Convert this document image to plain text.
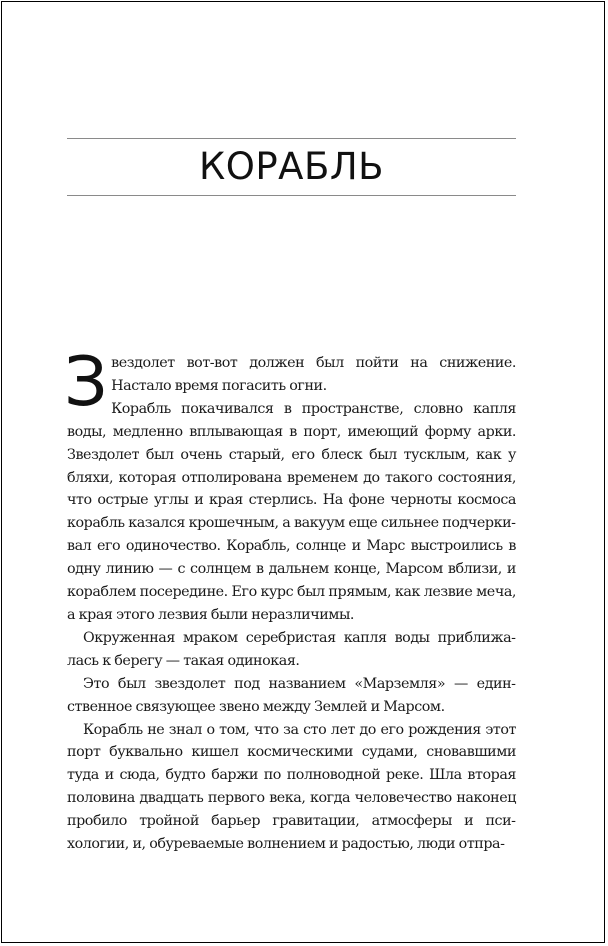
КОРАБЛЬ

Звездолет вот-вот должен был пойти на снижение. Настало время погасить огни.

Корабль покачивался в пространстве, словно капля воды, медленно вплывающая в порт, имеющий форму арки. Звездолет был очень старый, его блеск был тусклым, как у бляхи, которая отполирована временем до такого состояния, что острые углы и края стерлись. На фоне черноты космоса корабль казался крошечным, а вакуум еще сильнее подчеркивал его одиночество. Корабль, солнце и Марс выстроились в одну линию — с солнцем в дальнем конце, Марсом вблизи, и кораблем посередине. Его курс был прямым, как лезвие меча, а края этого лезвия были неразличимы.

Окруженная мраком серебристая капля воды приближалась к берегу — такая одинокая.

Это был звездолет под названием «Марземля» — единственное связующее звено между Землей и Марсом.

Корабль не знал о том, что за сто лет до его рождения этот порт буквально кишел космическими судами, сновавшими туда и сюда, будто баржи по полноводной реке. Шла вторая половина двадцать первого века, когда человечество наконец пробило тройной барьер гравитации, атмосферы и психологии, и, обуреваемые волнением и радостью, люди отпра-
